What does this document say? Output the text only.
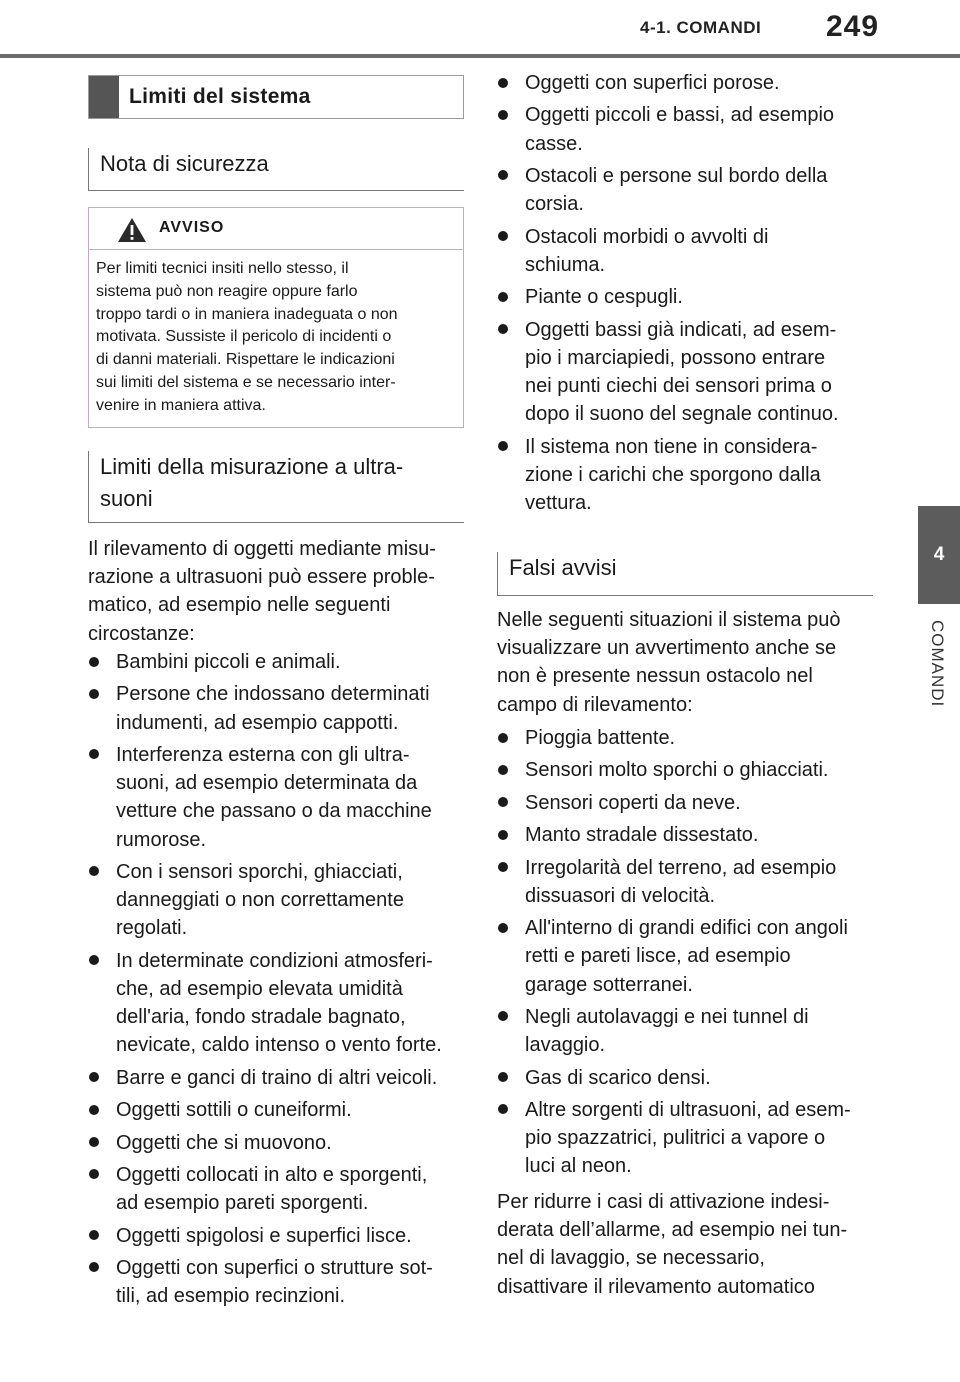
4-1. COMANDI 249
4
COMANDI
Limiti del sistema
Nota di sicurezza
AVVISO
Per limiti tecnici insiti nello stesso, il
sistema può non reagire oppure farlo
troppo tardi o in maniera inadeguata o non
motivata. Sussiste il pericolo di incidenti o
di danni materiali. Rispettare le indicazioni
sui limiti del sistema e se necessario inter-
venire in maniera attiva.
Limiti della misurazione a ultra-
suoni
Il rilevamento di oggetti mediante misu-
razione a ultrasuoni può essere proble-
matico, ad esempio nelle seguenti
circostanze:
Bambini piccoli e animali.
Persone che indossano determinati
indumenti, ad esempio cappotti.
Interferenza esterna con gli ultra-
suoni, ad esempio determinata da
vetture che passano o da macchine
rumorose.
Con i sensori sporchi, ghiacciati,
danneggiati o non correttamente
regolati.
In determinate condizioni atmosferi-
che, ad esempio elevata umidità
dell'aria, fondo stradale bagnato,
nevicate, caldo intenso o vento forte.
Barre e ganci di traino di altri veicoli.
Oggetti sottili o cuneiformi.
Oggetti che si muovono.
Oggetti collocati in alto e sporgenti,
ad esempio pareti sporgenti.
Oggetti spigolosi e superfici lisce.
Oggetti con superfici o strutture sot-
tili, ad esempio recinzioni.
Oggetti con superfici porose.
Oggetti piccoli e bassi, ad esempio
casse.
Ostacoli e persone sul bordo della
corsia.
Ostacoli morbidi o avvolti di
schiuma.
Piante o cespugli.
Oggetti bassi già indicati, ad esem-
pio i marciapiedi, possono entrare
nei punti ciechi dei sensori prima o
dopo il suono del segnale continuo.
Il sistema non tiene in considera-
zione i carichi che sporgono dalla
vettura.
Falsi avvisi
Nelle seguenti situazioni il sistema può
visualizzare un avvertimento anche se
non è presente nessun ostacolo nel
campo di rilevamento:
Pioggia battente.
Sensori molto sporchi o ghiacciati.
Sensori coperti da neve.
Manto stradale dissestato.
Irregolarità del terreno, ad esempio
dissuasori di velocità.
All'interno di grandi edifici con angoli
retti e pareti lisce, ad esempio
garage sotterranei.
Negli autolavaggi e nei tunnel di
lavaggio.
Gas di scarico densi.
Altre sorgenti di ultrasuoni, ad esem-
pio spazzatrici, pulitrici a vapore o
luci al neon.
Per ridurre i casi di attivazione indesi-
derata dell’allarme, ad esempio nei tun-
nel di lavaggio, se necessario,
disattivare il rilevamento automatico
